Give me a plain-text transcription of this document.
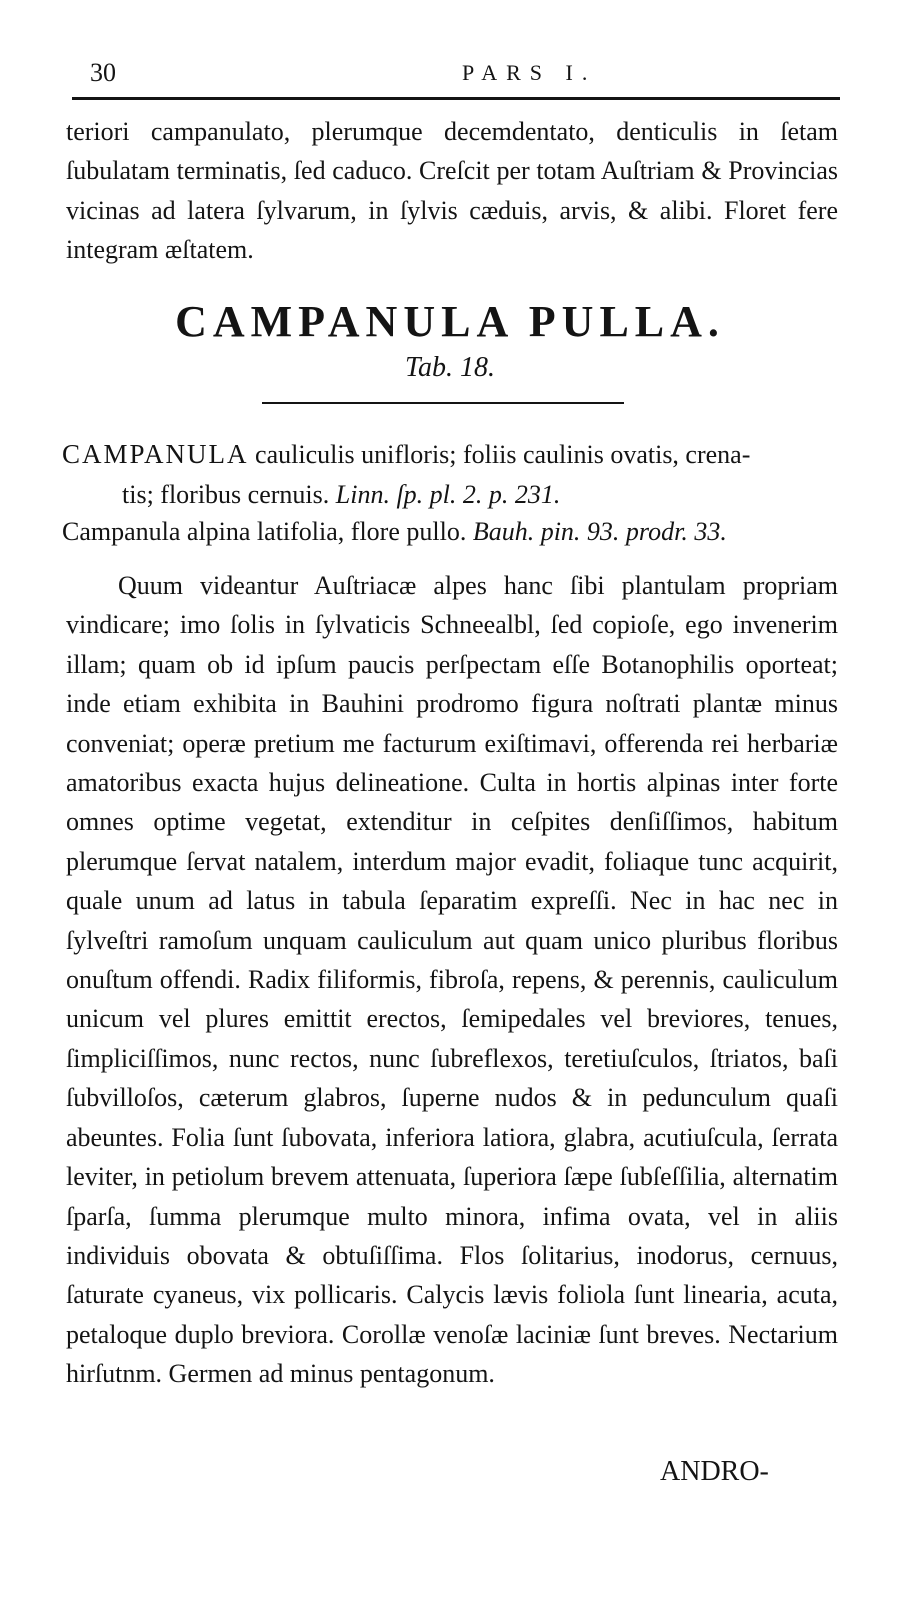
30	PARS I.

teriori campanulato, plerumque decemdentato, denticulis in ſetam ſubulatam terminatis, ſed caduco. Creſcit per totam Auſtriam & Provincias vicinas ad latera ſylvarum, in ſylvis cæduis, arvis, & alibi. Floret fere integram æſtatem.

CAMPANULA PULLA.
Tab. 18.
CAMPANULA cauliculis unifloris; foliis caulinis ovatis, crena-
tis; floribus cernuis. Linn. ſp. pl. 2. p. 231.
Campanula alpina latifolia, flore pullo. Bauh. pin. 93. prodr. 33.

Quum videantur Auſtriacæ alpes hanc ſibi plantulam propriam vindicare; imo ſolis in ſylvaticis Schneealbl, ſed copioſe, ego invenerim illam; quam ob id ipſum paucis perſpectam eſſe Botanophilis oporteat; inde etiam exhibita in Bauhini prodromo figura noſtrati plantæ minus conveniat; operæ pretium me facturum exiſtimavi, offerenda rei herbariæ amatoribus exacta hujus delineatione. Culta in hortis alpinas inter forte omnes optime vegetat, extenditur in ceſpites denſiſſimos, habitum plerumque ſervat natalem, interdum major evadit, foliaque tunc acquirit, quale unum ad latus in tabula ſeparatim expreſſi. Nec in hac nec in ſylveſtri ramoſum unquam cauliculum aut quam unico pluribus floribus onuſtum offendi. Radix filiformis, fibroſa, repens, & perennis, cauliculum unicum vel plures emittit erectos, ſemipedales vel breviores, tenues, ſimpliciſſimos, nunc rectos, nunc ſubreflexos, teretiuſculos, ſtriatos, baſi ſubvilloſos, cæterum glabros, ſuperne nudos & in pedunculum quaſi abeuntes. Folia ſunt ſubovata, inferiora latiora, glabra, acutiuſcula, ſerrata leviter, in petiolum brevem attenuata, ſuperiora ſæpe ſubſeſſilia, alternatim ſparſa, ſumma plerumque multo minora, infima ovata, vel in aliis individuis obovata & obtuſiſſima. Flos ſolitarius, inodorus, cernuus, ſaturate cyaneus, vix pollicaris. Calycis lævis foliola ſunt linearia, acuta, petaloque duplo breviora. Corollæ venoſæ laciniæ ſunt breves. Nectarium hirſutnm. Germen ad minus pentagonum.

ANDRO-
